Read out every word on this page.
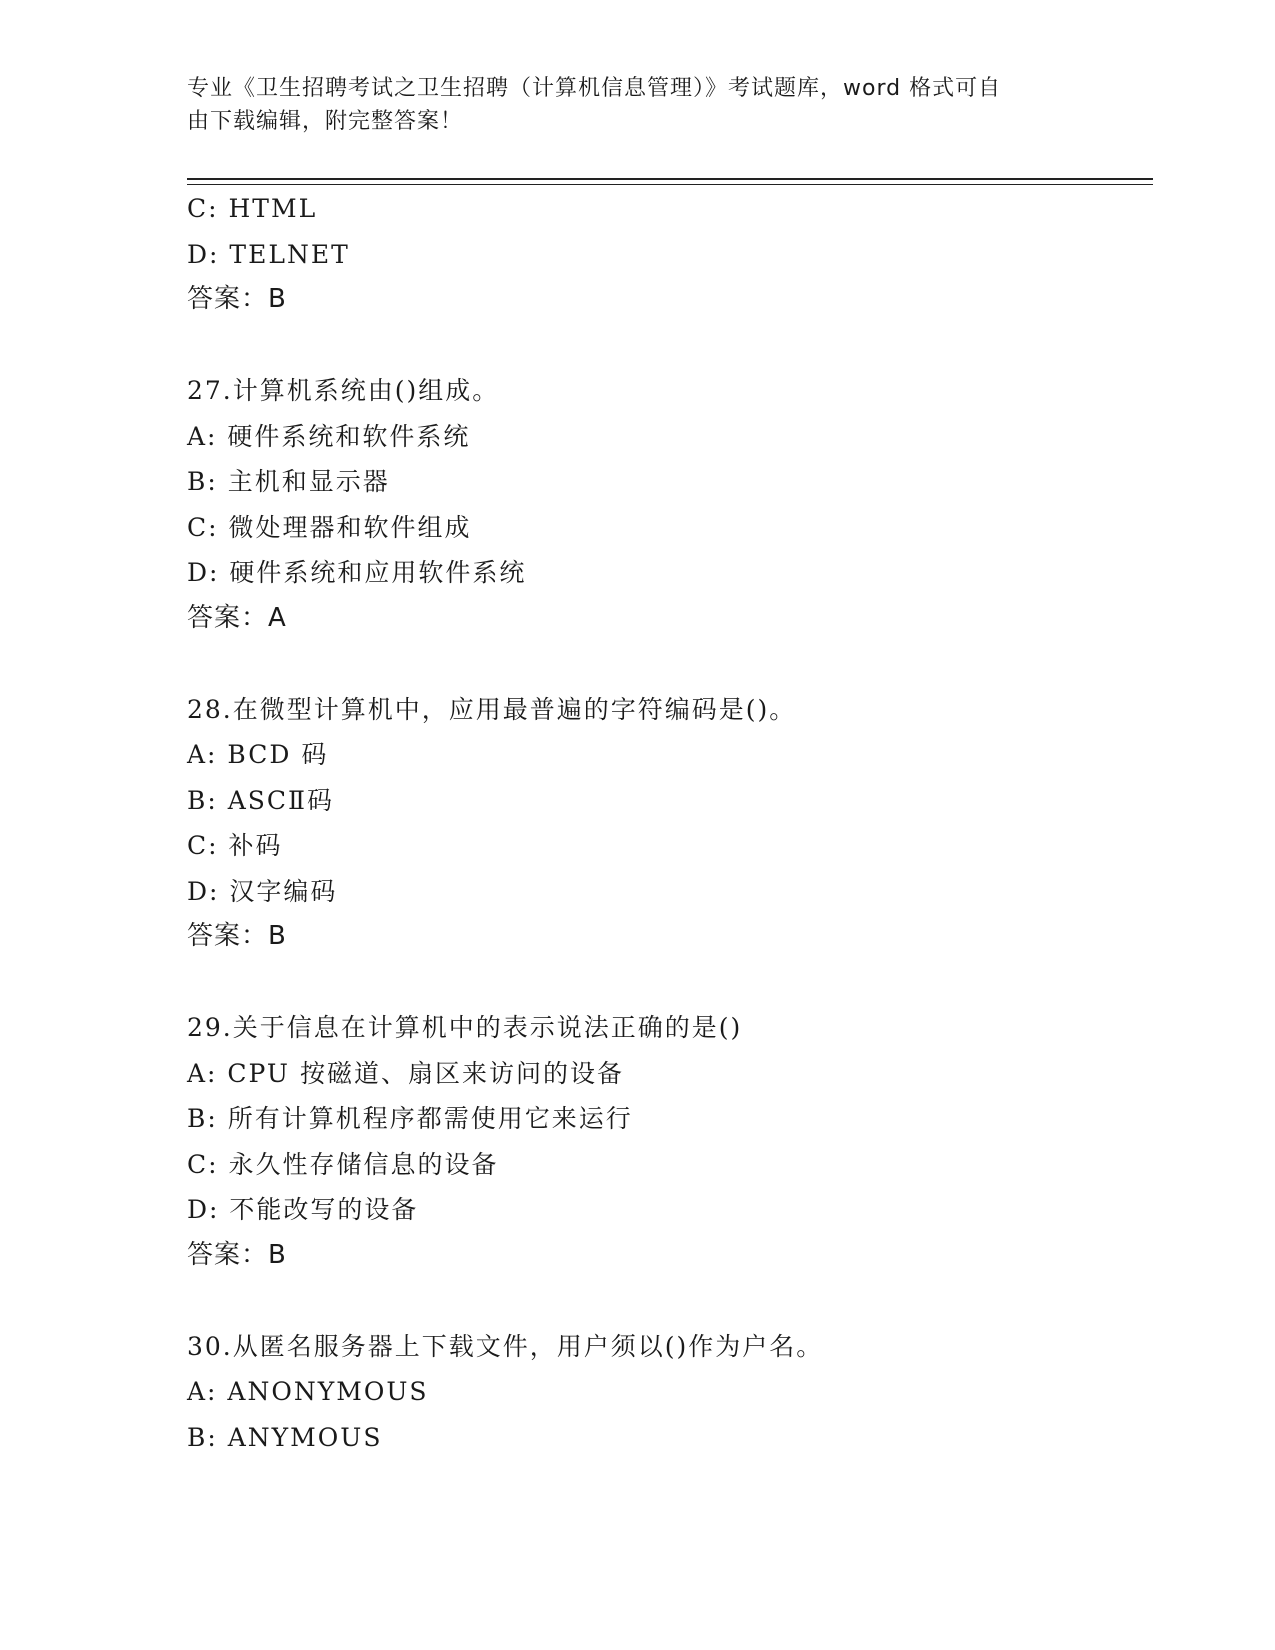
专业《卫生招聘考试之卫生招聘（计算机信息管理）》考试题库，word 格式可自
由下载编辑，附完整答案！
C: HTML
D: TELNET
答案：B
27.计算机系统由()组成。
A: 硬件系统和软件系统
B: 主机和显示器
C: 微处理器和软件组成
D: 硬件系统和应用软件系统
答案：A
28.在微型计算机中，应用最普遍的字符编码是()。
A: BCD 码
B: ASCⅡ码
C: 补码
D: 汉字编码
答案：B
29.关于信息在计算机中的表示说法正确的是()
A: CPU 按磁道、扇区来访问的设备
B: 所有计算机程序都需使用它来运行
C: 永久性存储信息的设备
D: 不能改写的设备
答案：B
30.从匿名服务器上下载文件，用户须以()作为户名。
A: ANONYMOUS
B: ANYMOUS
